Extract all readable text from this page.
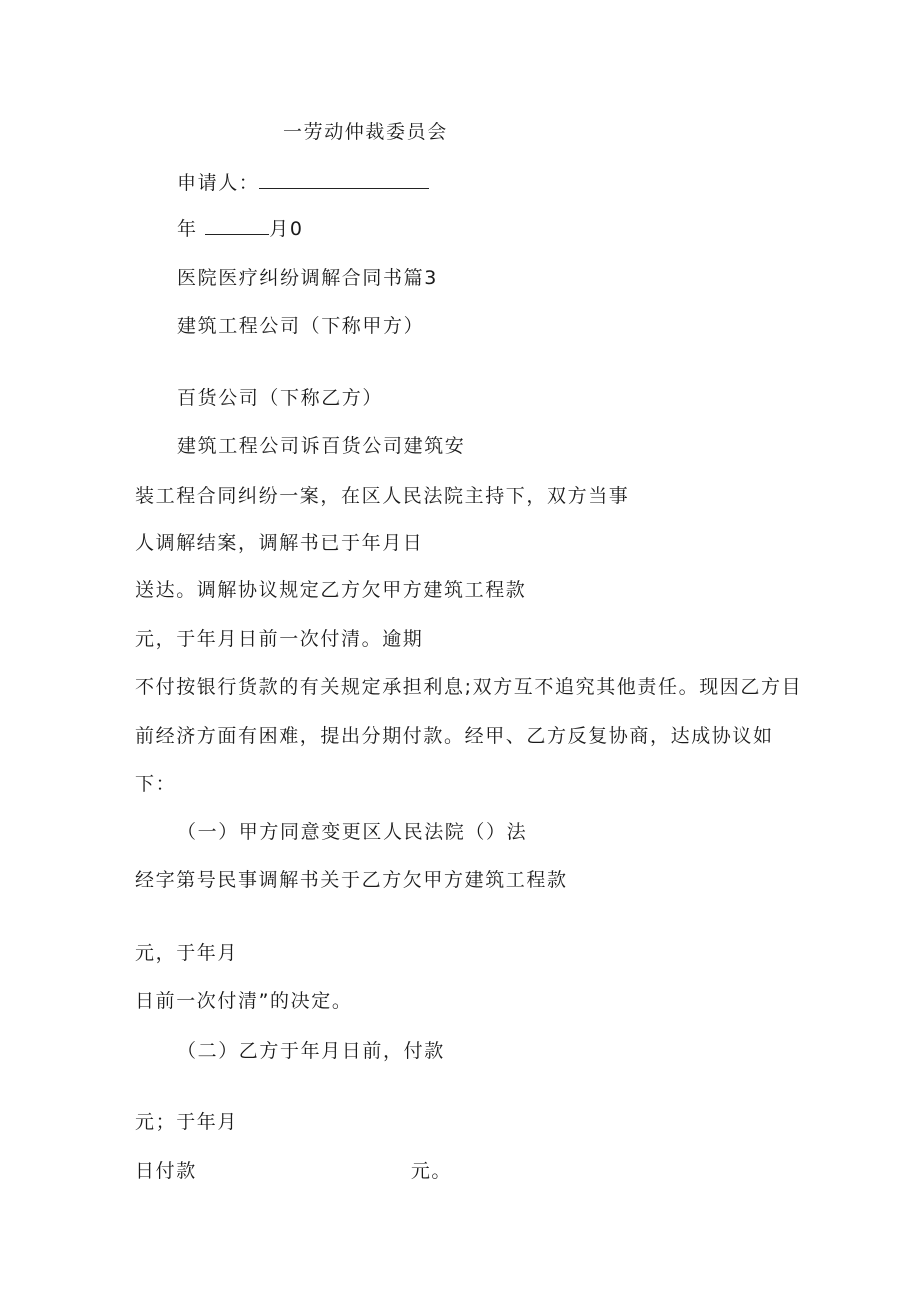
一劳动仲裁委员会

申请人：

年	月0

医院医疗纠纷调解合同书篇3

建筑工程公司（下称甲方）

百货公司（下称乙方）

建筑工程公司诉百货公司建筑安

装工程合同纠纷一案，在区人民法院主持下，双方当事

人调解结案，调解书已于年月日

送达。调解协议规定乙方欠甲方建筑工程款

元，于年月日前一次付清。逾期

不付按银行货款的有关规定承担利息;双方互不追究其他责任。现因乙方目

前经济方面有困难，提出分期付款。经甲、乙方反复协商，达成协议如

下：

（一）甲方同意变更区人民法院（）法

经字第号民事调解书关于乙方欠甲方建筑工程款

元，于年月

日前一次付清”的决定。

（二）乙方于年月日前，付款

元；于年月

日付款	元。
